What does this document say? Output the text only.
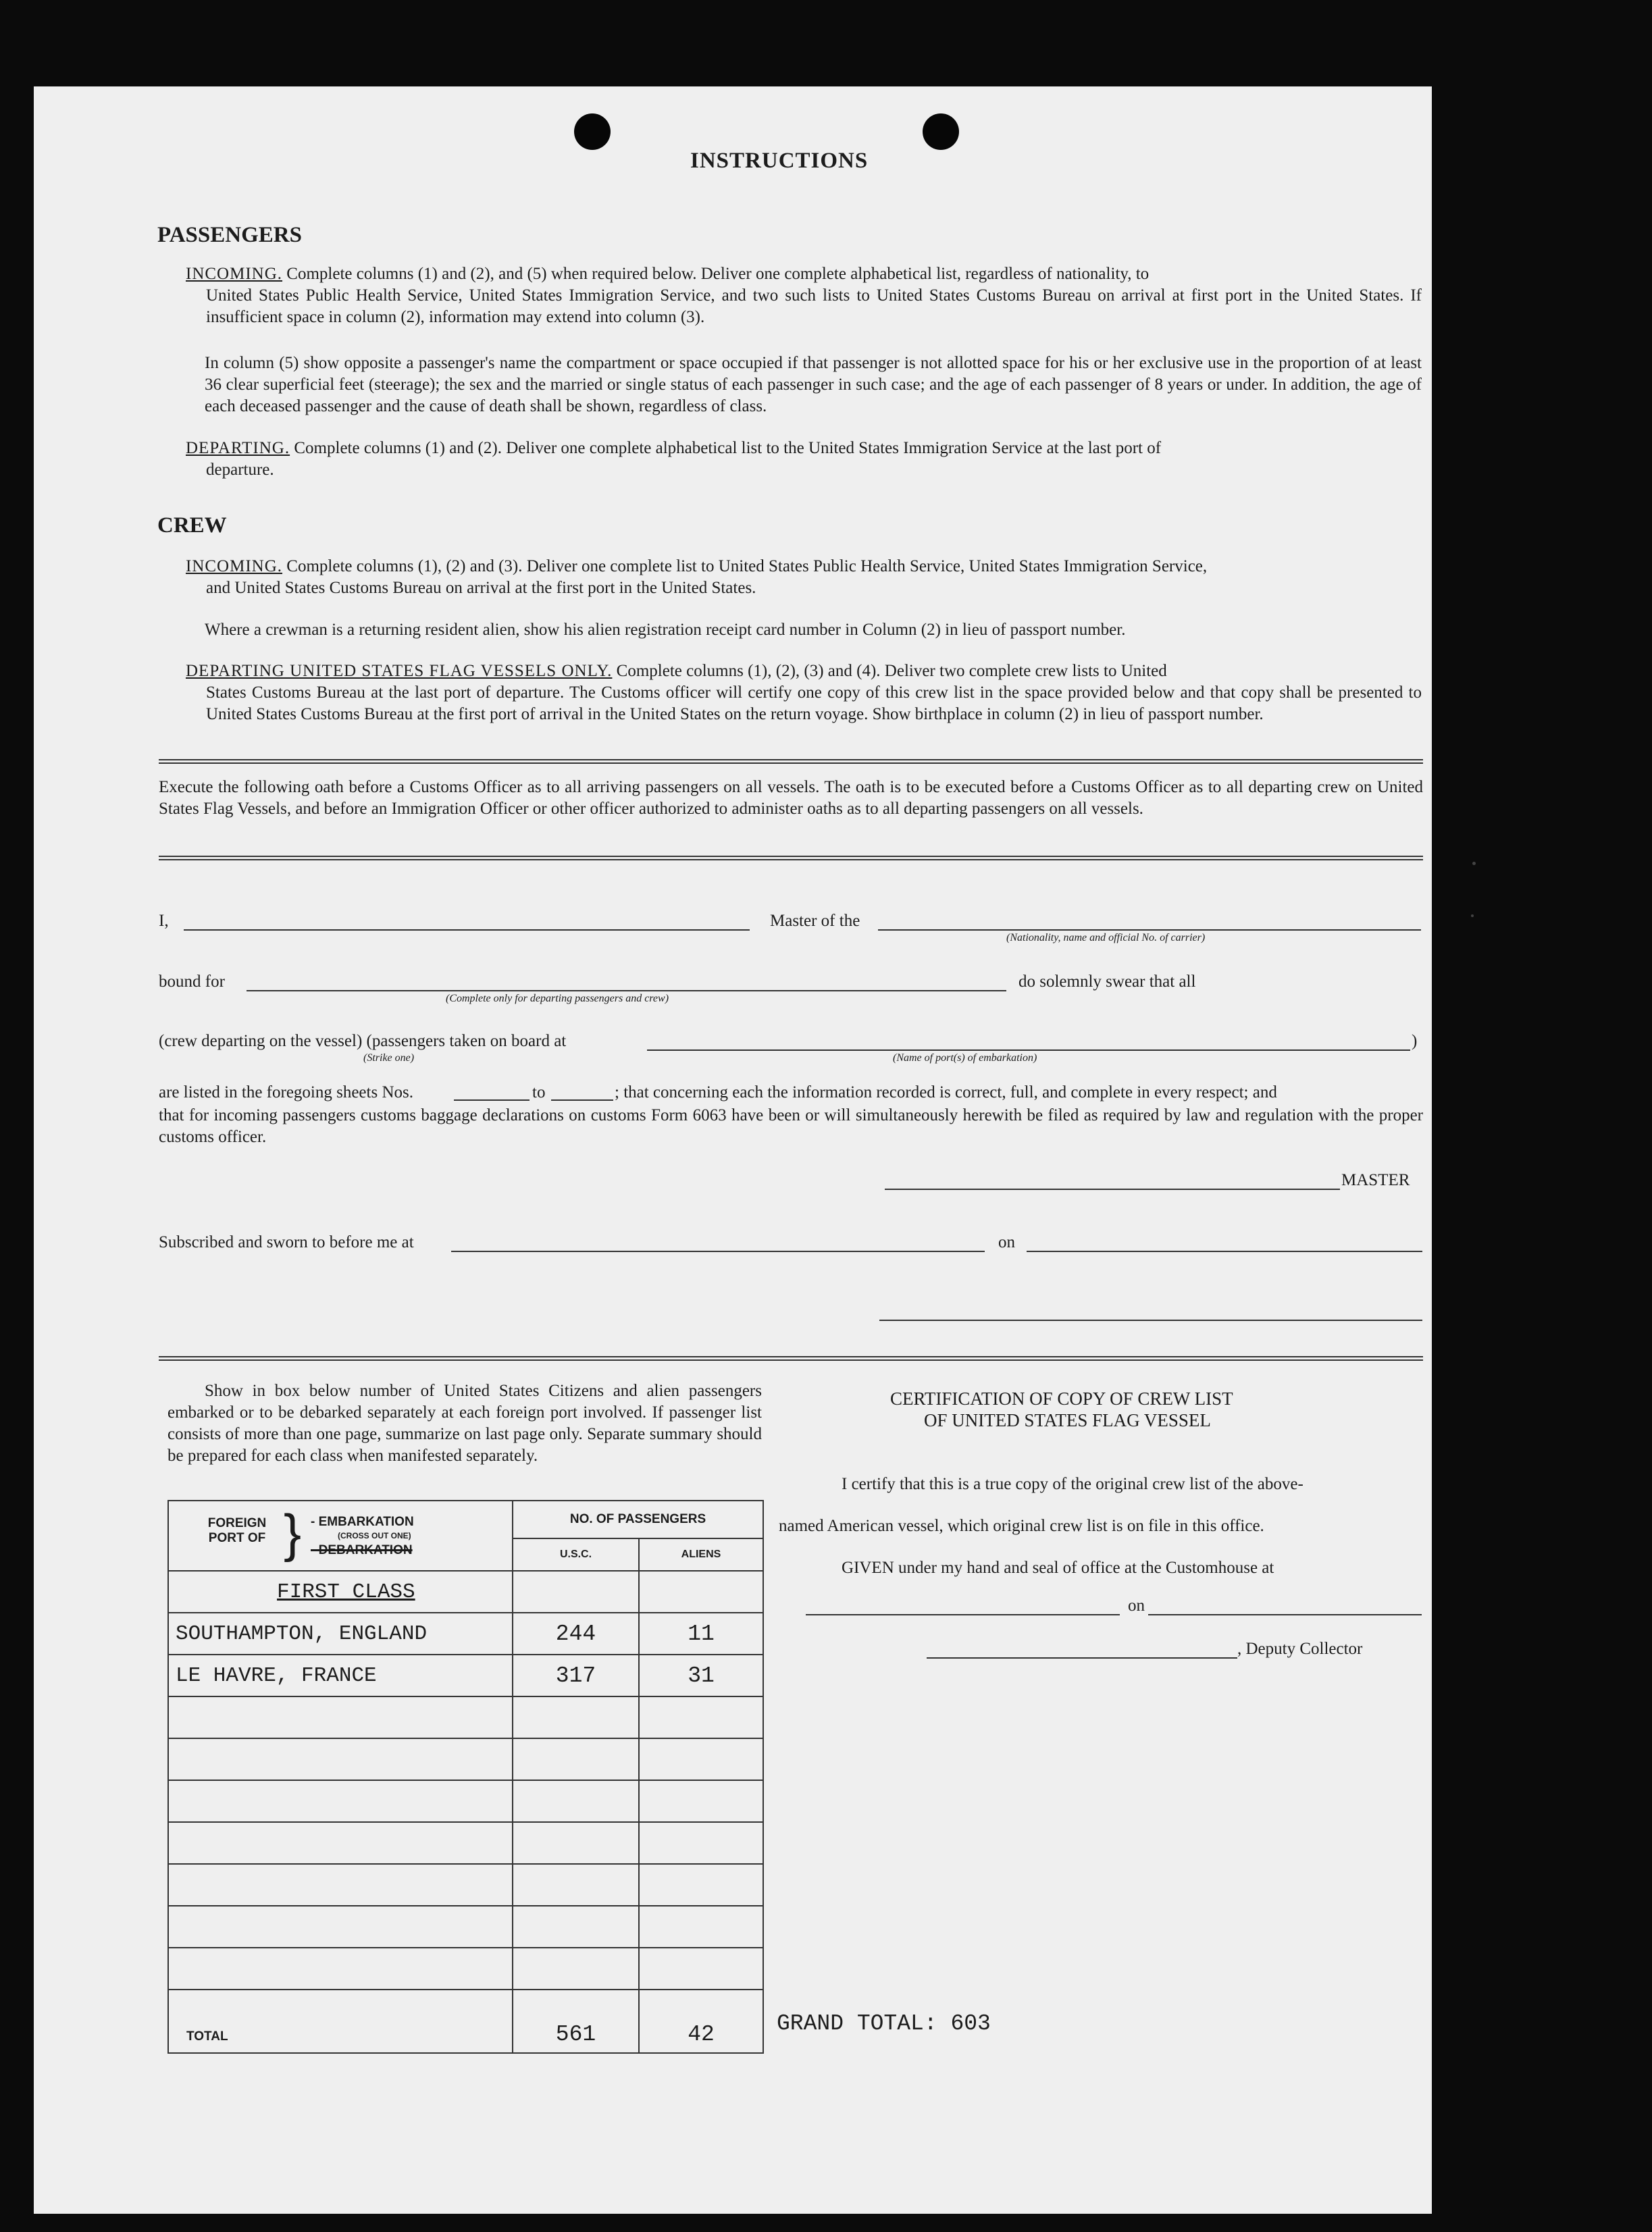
INSTRUCTIONS
PASSENGERS
INCOMING. Complete columns (1) and (2), and (5) when required below. Deliver one complete alphabetical list, regardless of nationality, to
United States Public Health Service, United States Immigration Service, and two such lists to United States Customs Bureau on arrival at first port in the United States. If insufficient space in column (2), information may extend into column (3).
In column (5) show opposite a passenger's name the compartment or space occupied if that passenger is not allotted space for his or her exclusive use in the proportion of at least 36 clear superficial feet (steerage); the sex and the married or single status of each passenger in such case; and the age of each passenger of 8 years or under. In addition, the age of each deceased passenger and the cause of death shall be shown, regardless of class.
DEPARTING. Complete columns (1) and (2). Deliver one complete alphabetical list to the United States Immigration Service at the last port of
departure.
CREW
INCOMING. Complete columns (1), (2) and (3). Deliver one complete list to United States Public Health Service, United States Immigration Service,
and United States Customs Bureau on arrival at the first port in the United States.
Where a crewman is a returning resident alien, show his alien registration receipt card number in Column (2) in lieu of passport number.
DEPARTING UNITED STATES FLAG VESSELS ONLY. Complete columns (1), (2), (3) and (4). Deliver two complete crew lists to United
States Customs Bureau at the last port of departure. The Customs officer will certify one copy of this crew list in the space provided below and that copy shall be presented to United States Customs Bureau at the first port of arrival in the United States on the return voyage. Show birthplace in column (2) in lieu of passport number.
Execute the following oath before a Customs Officer as to all arriving passengers on all vessels. The oath is to be executed before a Customs Officer as to all departing crew on United States Flag Vessels, and before an Immigration Officer or other officer authorized to administer oaths as to all departing passengers on all vessels.
I,	Master of the
(Nationality, name and official No. of carrier)
bound for
(Complete only for departing passengers and crew)
do solemnly swear that all
(crew departing on the vessel) (passengers taken on board at	)
(Strike one)	(Name of port(s) of embarkation)
are listed in the foregoing sheets Nos.	to	; that concerning each the information recorded is correct, full, and complete in every respect; and
that for incoming passengers customs baggage declarations on customs Form 6063 have been or will simultaneously herewith be filed as required by law and regulation with the proper customs officer.
MASTER
Subscribed and sworn to before me at	on
Show in box below number of United States Citizens and alien passengers embarked or to be debarked separately at each foreign port involved. If passenger list consists of more than one page, summarize on last page only. Separate summary should be prepared for each class when manifested separately.
CERTIFICATION OF COPY OF CREW LIST
OF UNITED STATES FLAG VESSEL
I certify that this is a true copy of the original crew list of the above-
named American vessel, which original crew list is on file in this office.
GIVEN under my hand and seal of office at the Customhouse at
on
, Deputy Collector
GRAND TOTAL: 603
FOREIGN PORT OF } - EMBARKATION
(CROSS OUT ONE)
- DEBARKATION	NO. OF PASSENGERS	
	U.S.C.	ALIENS
FIRST CLASS		
SOUTHAMPTON, ENGLAND	244	11
LE HAVRE, FRANCE	317	31

TOTAL	561	42
